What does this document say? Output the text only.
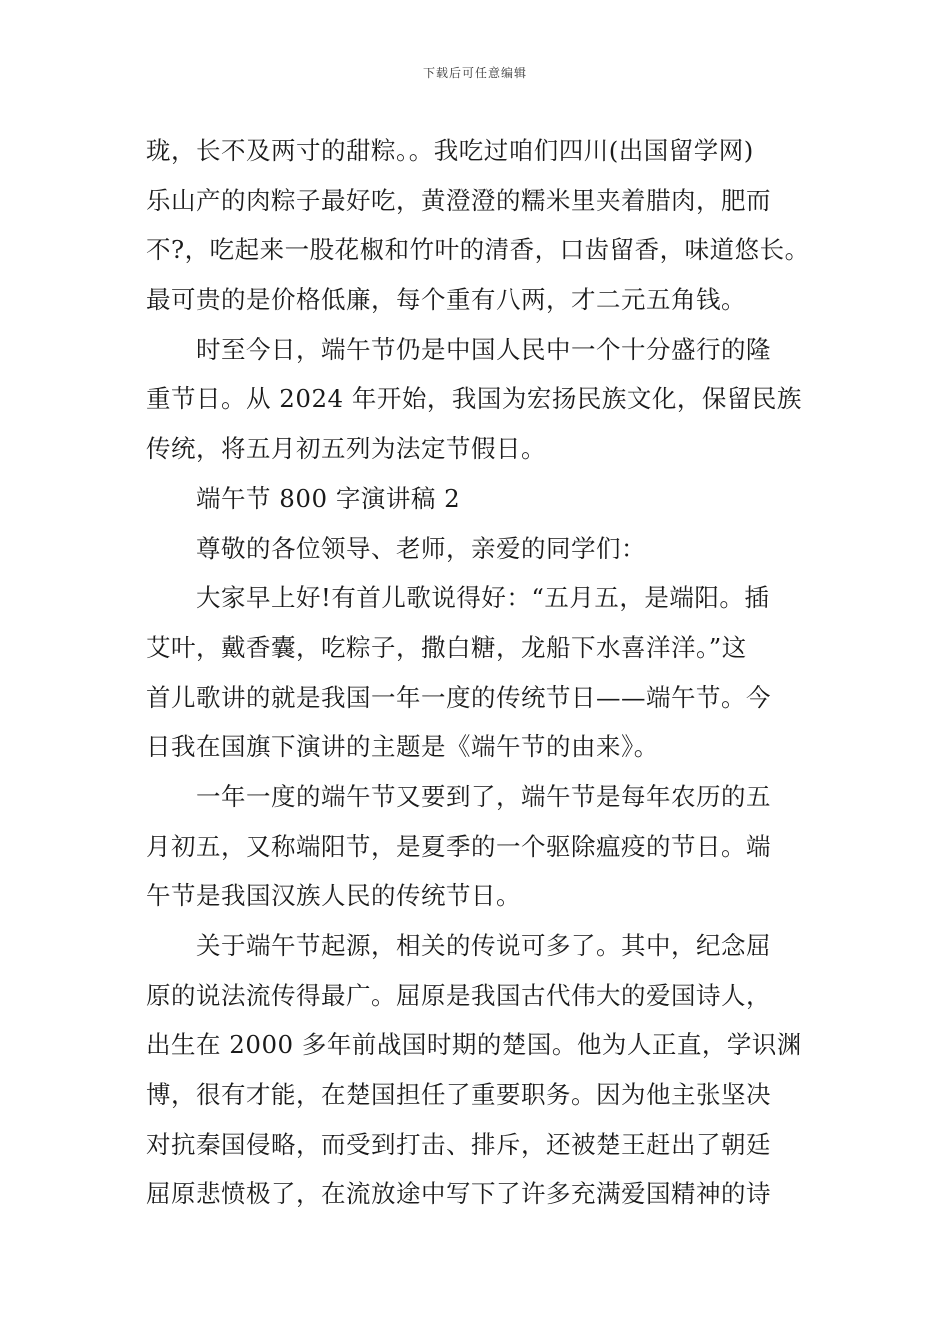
下载后可任意编辑
珑，长不及两寸的甜粽。。我吃过咱们四川(出国留学网)
乐山产的肉粽子最好吃，黄澄澄的糯米里夹着腊肉，肥而
不?，吃起来一股花椒和竹叶的清香，口齿留香，味道悠长。
最可贵的是价格低廉，每个重有八两，才二元五角钱。
时至今日，端午节仍是中国人民中一个十分盛行的隆
重节日。从 2024 年开始，我国为宏扬民族文化，保留民族
传统，将五月初五列为法定节假日。
端午节 800 字演讲稿 2
尊敬的各位领导、老师，亲爱的同学们：
大家早上好!有首儿歌说得好：“五月五，是端阳。插
艾叶，戴香囊，吃粽子，撒白糖，龙船下水喜洋洋。”这
首儿歌讲的就是我国一年一度的传统节日——端午节。今
日我在国旗下演讲的主题是《端午节的由来》。
一年一度的端午节又要到了，端午节是每年农历的五
月初五，又称端阳节，是夏季的一个驱除瘟疫的节日。端
午节是我国汉族人民的传统节日。
关于端午节起源，相关的传说可多了。其中，纪念屈
原的说法流传得最广。屈原是我国古代伟大的爱国诗人，
出生在 2000 多年前战国时期的楚国。他为人正直，学识渊
博，很有才能，在楚国担任了重要职务。因为他主张坚决
对抗秦国侵略，而受到打击、排斥，还被楚王赶出了朝廷
屈原悲愤极了，在流放途中写下了许多充满爱国精神的诗
